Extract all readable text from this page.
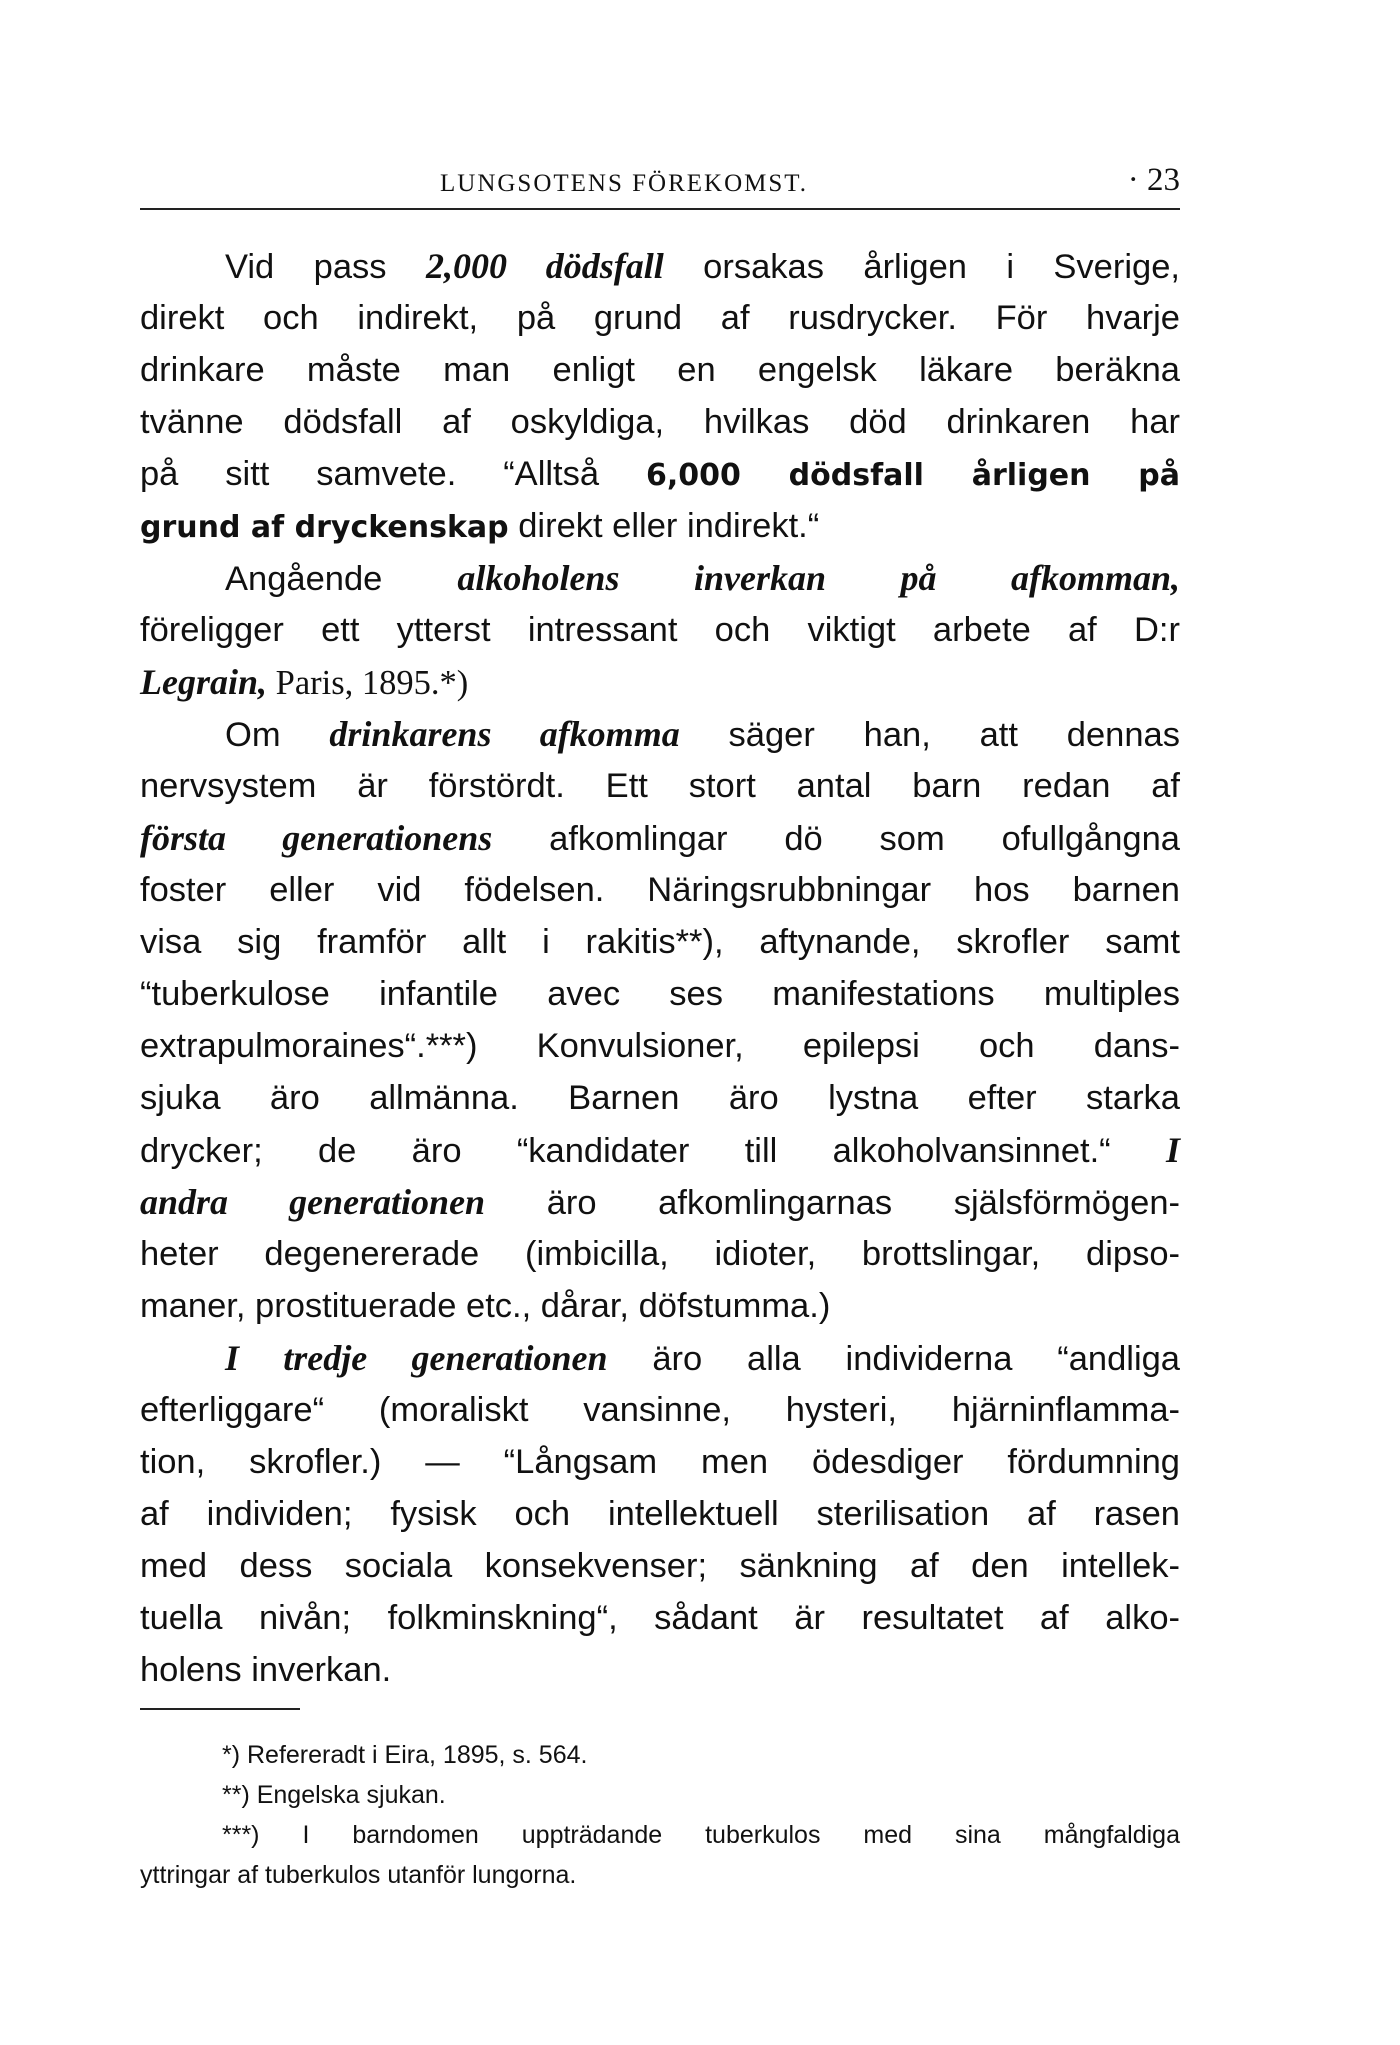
LUNGSOTENS FÖREKOMST.	· 23
Vid pass 2,000 dödsfall orsakas årligen i Sverige,
direkt och indirekt, på grund af rusdrycker. För hvarje
drinkare måste man enligt en engelsk läkare beräkna
tvänne dödsfall af oskyldiga, hvilkas död drinkaren har
på sitt samvete. “Alltså 6,000 dödsfall årligen på
grund af dryckenskap direkt eller indirekt.“
Angående alkoholens inverkan på afkomman,
föreligger ett ytterst intressant och viktigt arbete af D:r
Legrain, Paris, 1895.*)
Om drinkarens afkomma säger han, att dennas
nervsystem är förstördt. Ett stort antal barn redan af
första generationens afkomlingar dö som ofullgångna
foster eller vid födelsen. Näringsrubbningar hos barnen
visa sig framför allt i rakitis**), aftynande, skrofler samt
“tuberkulose infantile avec ses manifestations multiples
extrapulmoraines“.***) Konvulsioner, epilepsi och dans-
sjuka äro allmänna. Barnen äro lystna efter starka
drycker; de äro “kandidater till alkoholvansinnet.“ I
andra generationen äro afkomlingarnas själsförmögen-
heter degenererade (imbicilla, idioter, brottslingar, dipso-
maner, prostituerade etc., dårar, döfstumma.)
I tredje generationen äro alla individerna “andliga
efterliggare“ (moraliskt vansinne, hysteri, hjärninflamma-
tion, skrofler.) — “Långsam men ödesdiger fördumning
af individen; fysisk och intellektuell sterilisation af rasen
med dess sociala konsekvenser; sänkning af den intellek-
tuella nivån; folkminskning“, sådant är resultatet af alko-
holens inverkan.
*) Refereradt i Eira, 1895, s. 564.
**) Engelska sjukan.
***) I barndomen uppträdande tuberkulos med sina mångfaldiga
yttringar af tuberkulos utanför lungorna.
